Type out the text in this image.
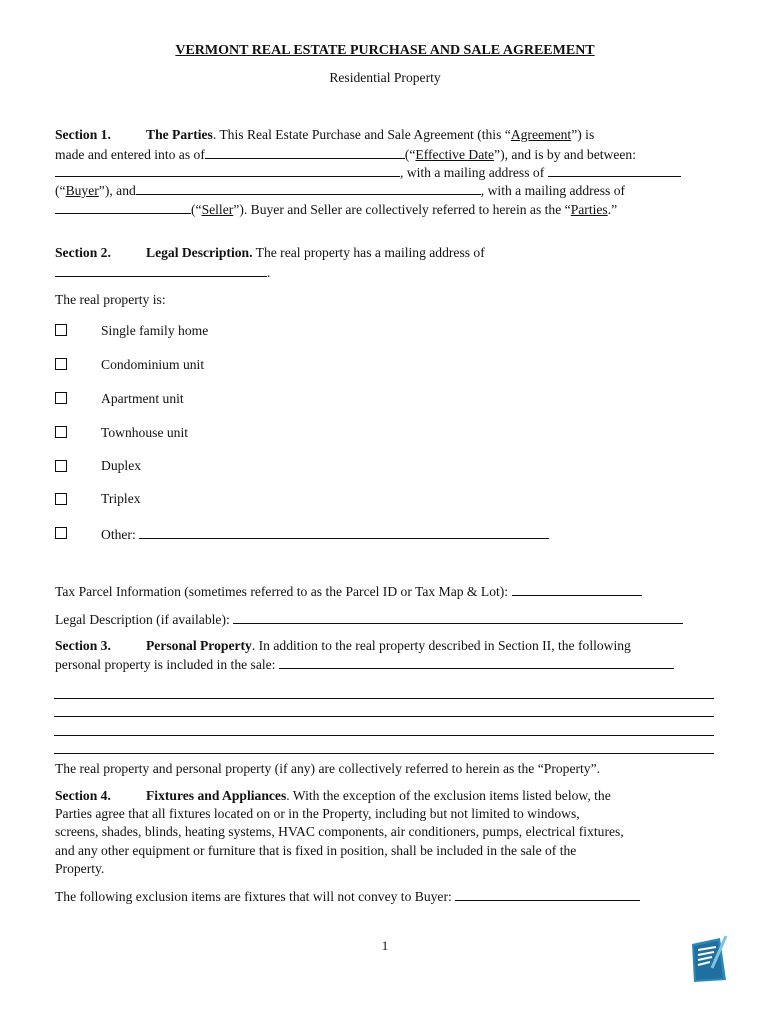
VERMONT REAL ESTATE PURCHASE AND SALE AGREEMENT
Residential Property
Section 1.	The Parties. This Real Estate Purchase and Sale Agreement (this “Agreement”) is
made and entered into as of	(“Effective Date”), and is by and between:
, with a mailing address of
(“Buyer”), and	, with a mailing address of
(“Seller”). Buyer and Seller are collectively referred to herein as the “Parties.”
Section 2.	Legal Description. The real property has a mailing address of
.
The real property is:
Single family home
Condominium unit
Apartment unit
Townhouse unit
Duplex
Triplex
Other:
Tax Parcel Information (sometimes referred to as the Parcel ID or Tax Map & Lot):
Legal Description (if available):
Section 3.	Personal Property. In addition to the real property described in Section II, the following
personal property is included in the sale:
The real property and personal property (if any) are collectively referred to herein as the “Property”.
Section 4.	Fixtures and Appliances. With the exception of the exclusion items listed below, the
Parties agree that all fixtures located on or in the Property, including but not limited to windows,
screens, shades, blinds, heating systems, HVAC components, air conditioners, pumps, electrical fixtures,
and any other equipment or furniture that is fixed in position, shall be included in the sale of the
Property.
The following exclusion items are fixtures that will not convey to Buyer:
1
